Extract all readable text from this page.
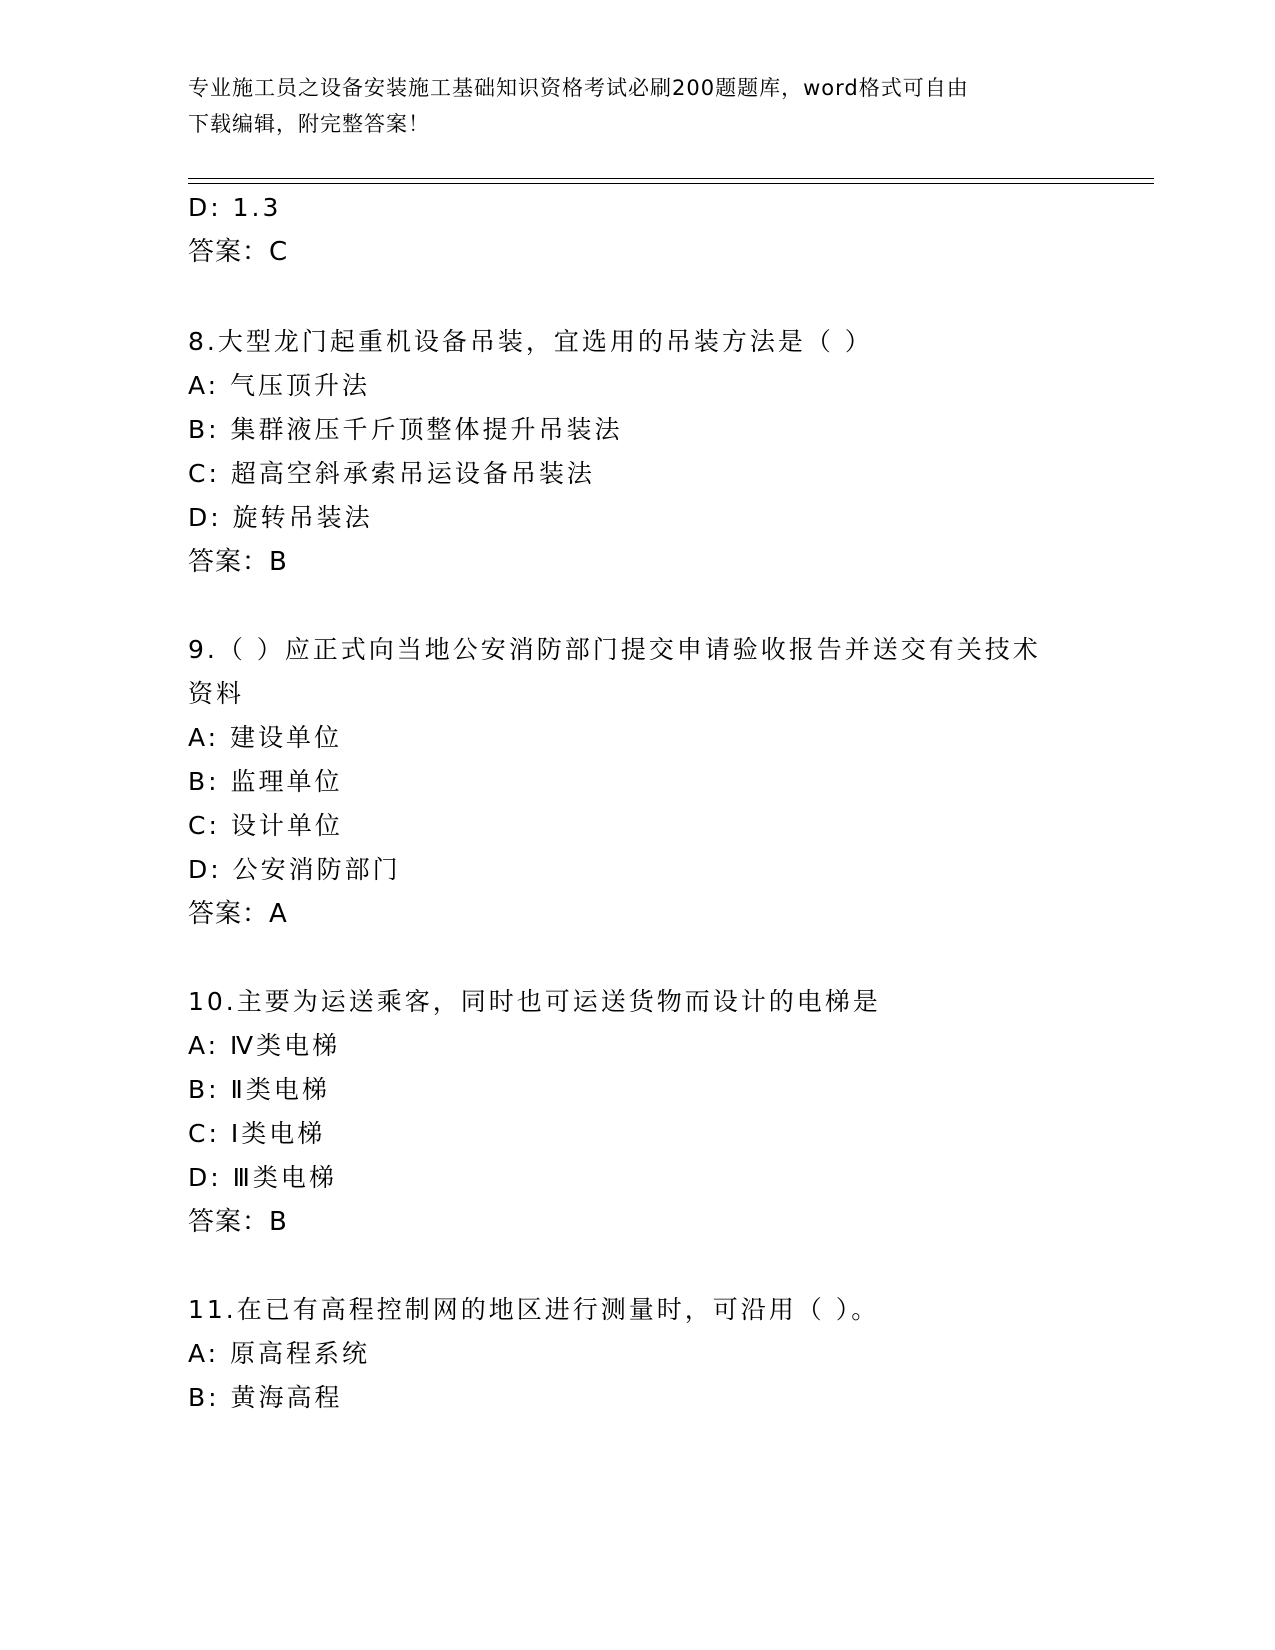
专业施工员之设备安装施工基础知识资格考试必刷200题题库，word格式可自由
下载编辑，附完整答案！
D: 1.3
答案：C
8.大型龙门起重机设备吊装，宜选用的吊装方法是（ ）
A: 气压顶升法
B: 集群液压千斤顶整体提升吊装法
C: 超高空斜承索吊运设备吊装法
D: 旋转吊装法
答案：B
9.（ ）应正式向当地公安消防部门提交申请验收报告并送交有关技术
资料
A: 建设单位
B: 监理单位
C: 设计单位
D: 公安消防部门
答案：A
10.主要为运送乘客，同时也可运送货物而设计的电梯是
A: Ⅳ类电梯
B: Ⅱ类电梯
C: Ⅰ类电梯
D: Ⅲ类电梯
答案：B
11.在已有高程控制网的地区进行测量时，可沿用（ ）。
A: 原高程系统
B: 黄海高程
